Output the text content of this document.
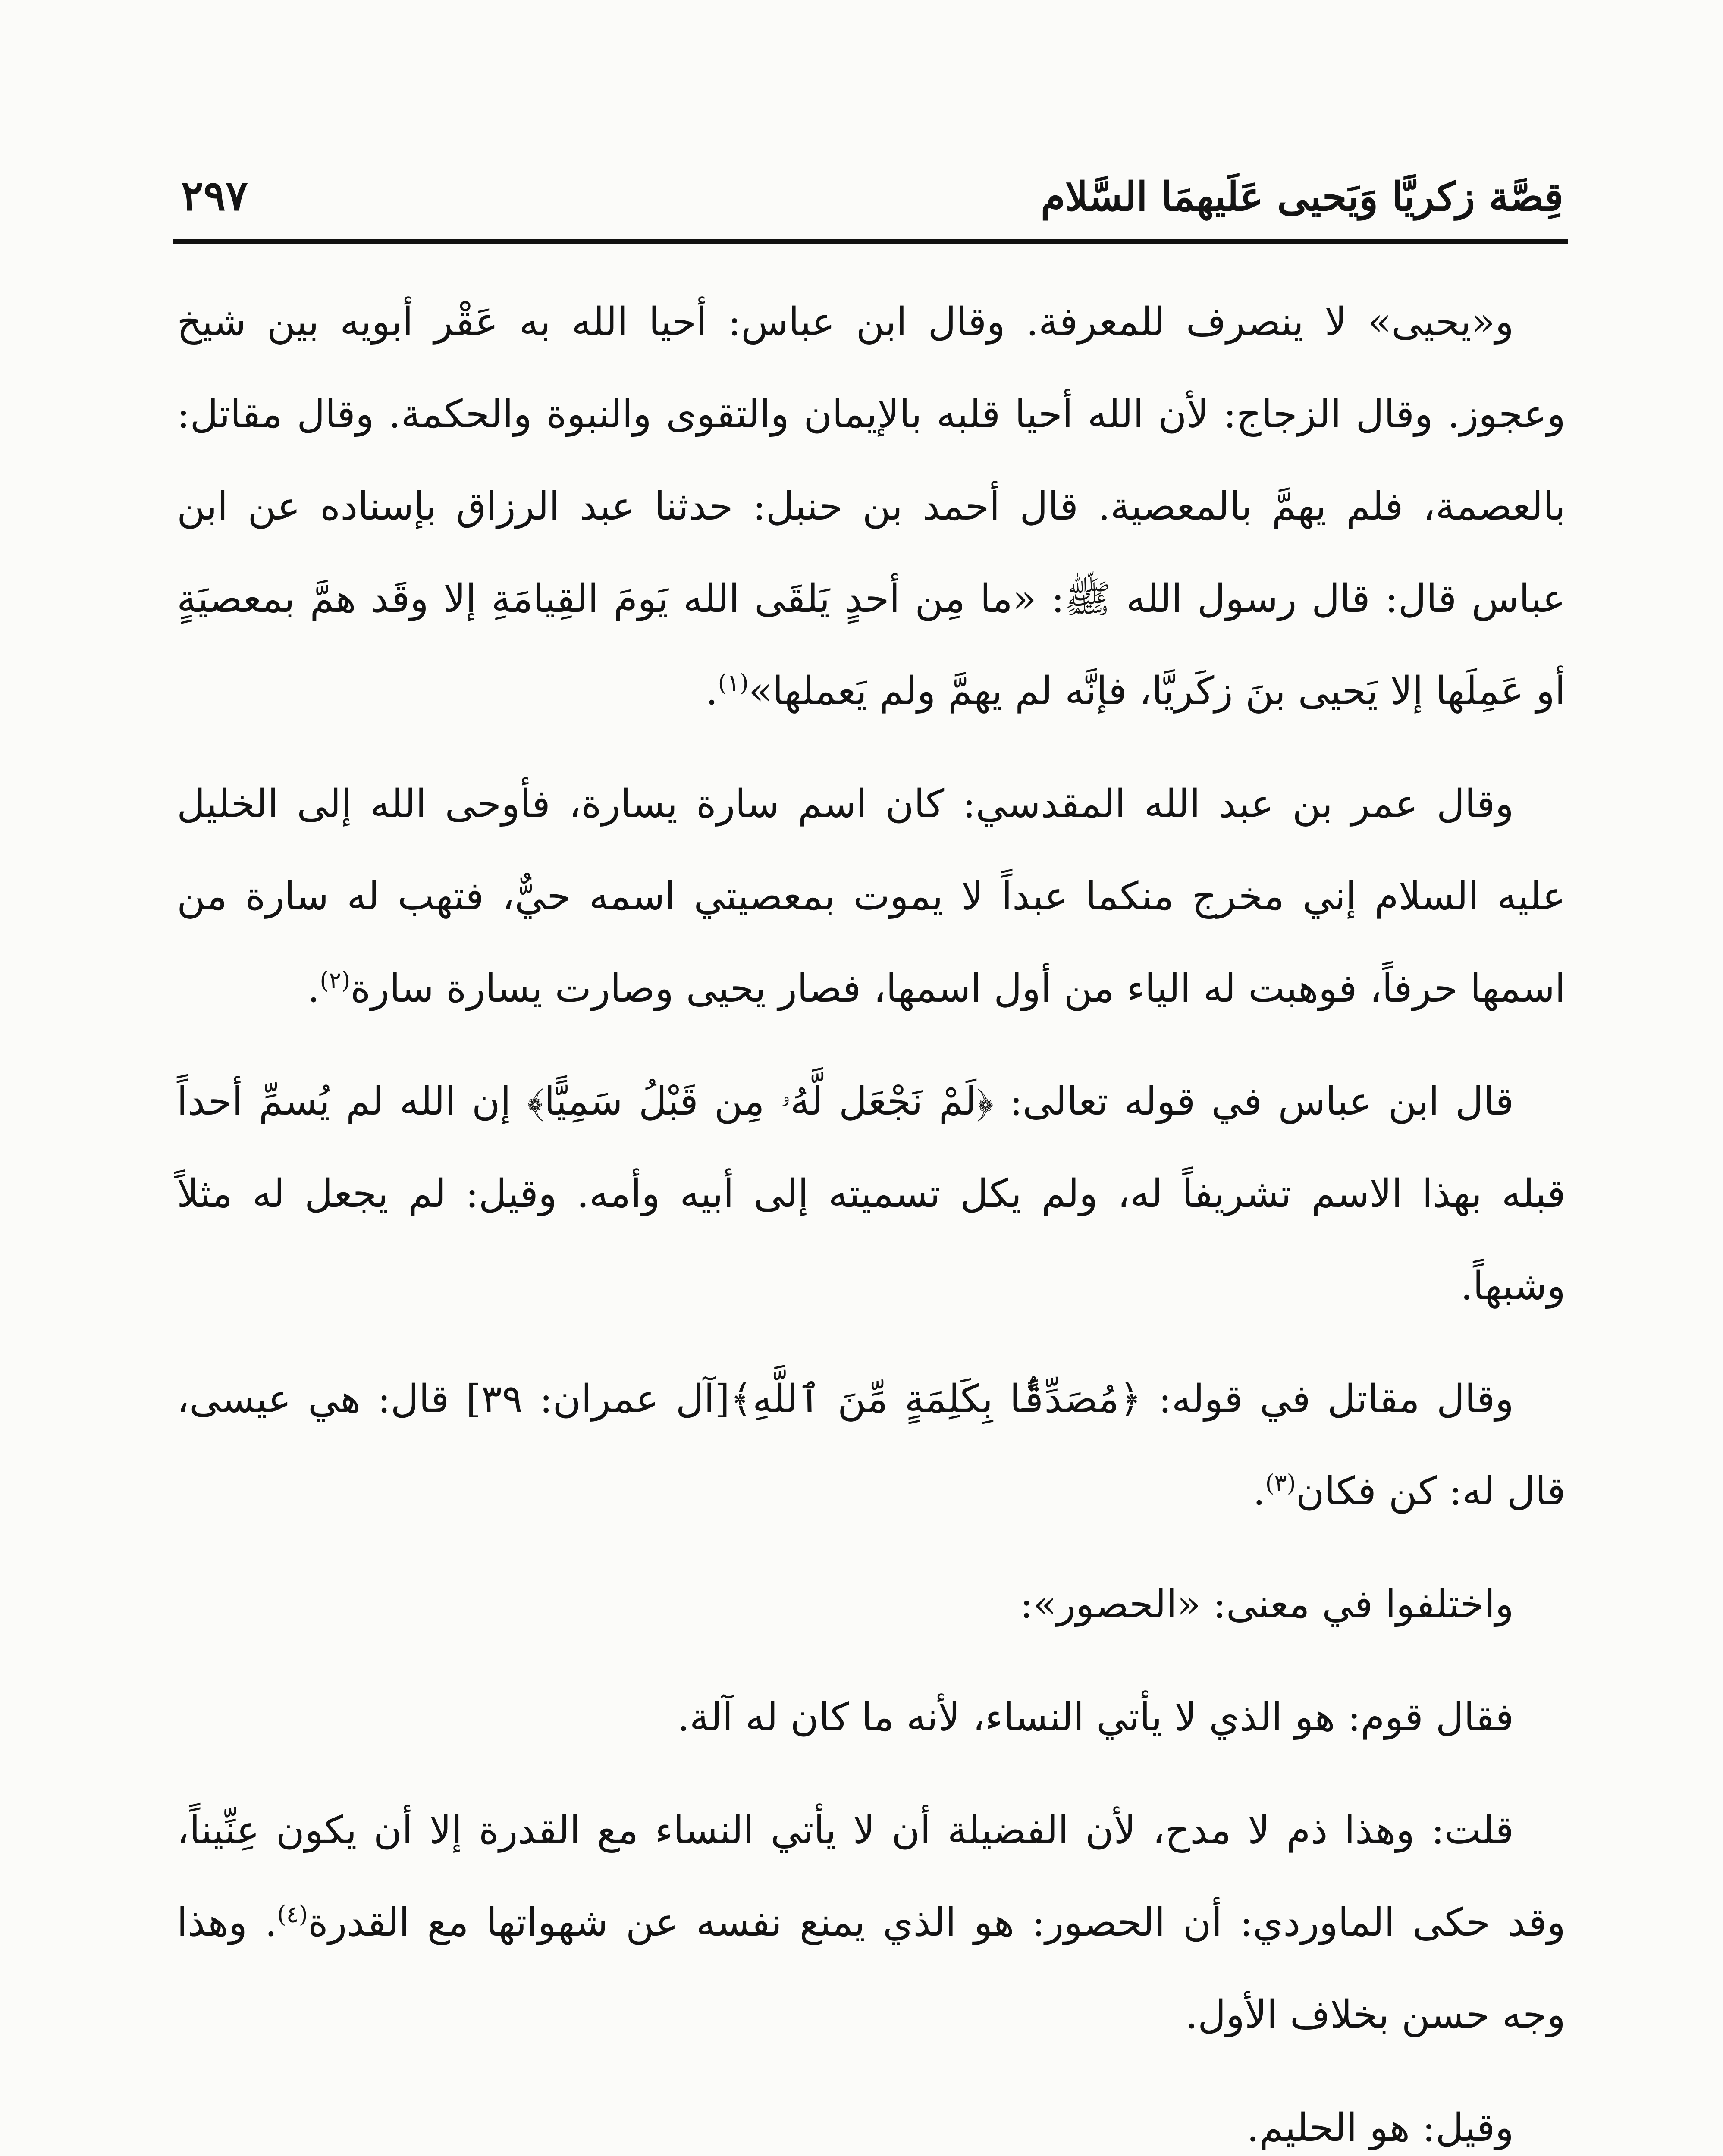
قِصَّة زكريَّا وَيَحيى عَلَيهمَا السَّلام
٢٩٧

و«يحيى» لا ينصرف للمعرفة. وقال ابن عباس: أحيا الله به عَقْر أبويه بين شيخ وعجوز. وقال الزجاج: لأن الله أحيا قلبه بالإيمان والتقوى والنبوة والحكمة. وقال مقاتل: بالعصمة، فلم يهمَّ بالمعصية. قال أحمد بن حنبل: حدثنا عبد الرزاق بإسناده عن ابن عباس قال: قال رسول الله ﷺ: «ما مِن أحدٍ يَلقَى الله يَومَ القِيامَةِ إلا وقَد همَّ بمعصيَةٍ أو عَمِلَها إلا يَحيى بنَ زكَريَّا، فإنَّه لم يهمَّ ولم يَعملها»$^{(١)}$.

وقال عمر بن عبد الله المقدسي: كان اسم سارة يسارة، فأوحى الله إلى الخليل عليه السلام إني مخرج منكما عبداً لا يموت بمعصيتي اسمه حيٌّ، فتهب له سارة من اسمها حرفاً، فوهبت له الياء من أول اسمها، فصار يحيى وصارت يسارة سارة$^{(٢)}$.

قال ابن عباس في قوله تعالى: ﴿لَمْ نَجْعَل لَّهُۥ مِن قَبْلُ سَمِيًّا﴾ إن الله لم يُسمِّ أحداً قبله بهذا الاسم تشريفاً له، ولم يكل تسميته إلى أبيه وأمه. وقيل: لم يجعل له مثلاً وشبهاً.

وقال مقاتل في قوله: ﴿مُصَدِّقًۢا بِكَلِمَةٍ مِّنَ ٱللَّهِ﴾[آل عمران: ٣٩] قال: هي عيسى، قال له: كن فكان$^{(٣)}$.

واختلفوا في معنى: «الحصور»:

فقال قوم: هو الذي لا يأتي النساء، لأنه ما كان له آلة.

قلت: وهذا ذم لا مدح، لأن الفضيلة أن لا يأتي النساء مع القدرة إلا أن يكون عِنِّيناً، وقد حكى الماوردي: أن الحصور: هو الذي يمنع نفسه عن شهواتها مع القدرة$^{(٤)}$. وهذا وجه حسن بخلاف الأول.

وقيل: هو الحليم.
